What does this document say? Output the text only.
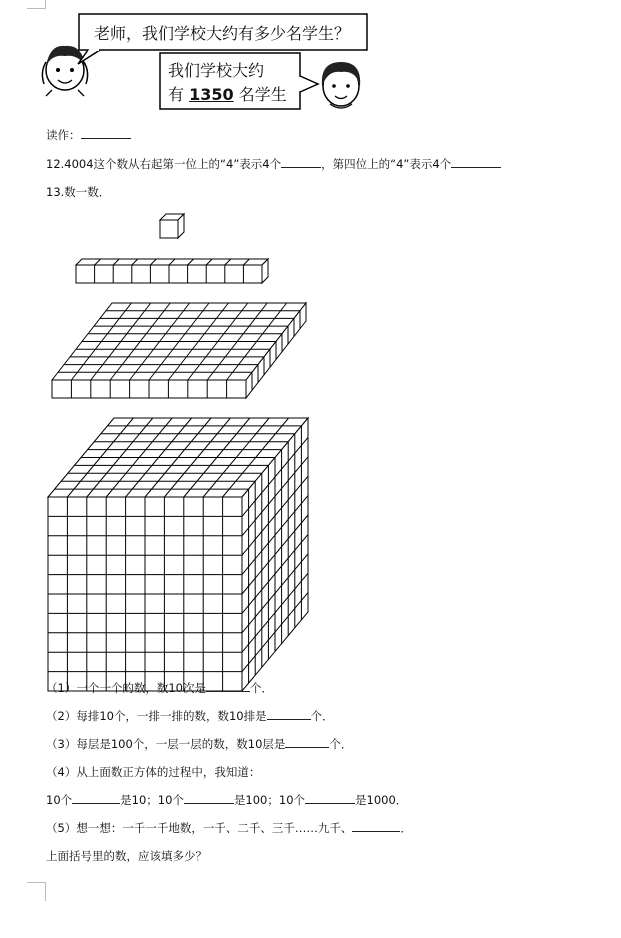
老师，我们学校大约有多少名学生？
我们学校大约
有 1350 名学生
读作：
12.4004这个数从右起第一位上的“4”表示4个	，第四位上的“4”表示4个
13.数一数．
（1）一个一个的数，数10次是	个．
（2）每排10个，一排一排的数，数10排是	个．
（3）每层是100个，一层一层的数，数10层是	个．
（4）从上面数正方体的过程中，我知道：
10个	是10；10个	是100；10个	是1000．
（5）想一想：一千一千地数，一千、二千、三千……九千、	．
上面括号里的数，应该填多少？
